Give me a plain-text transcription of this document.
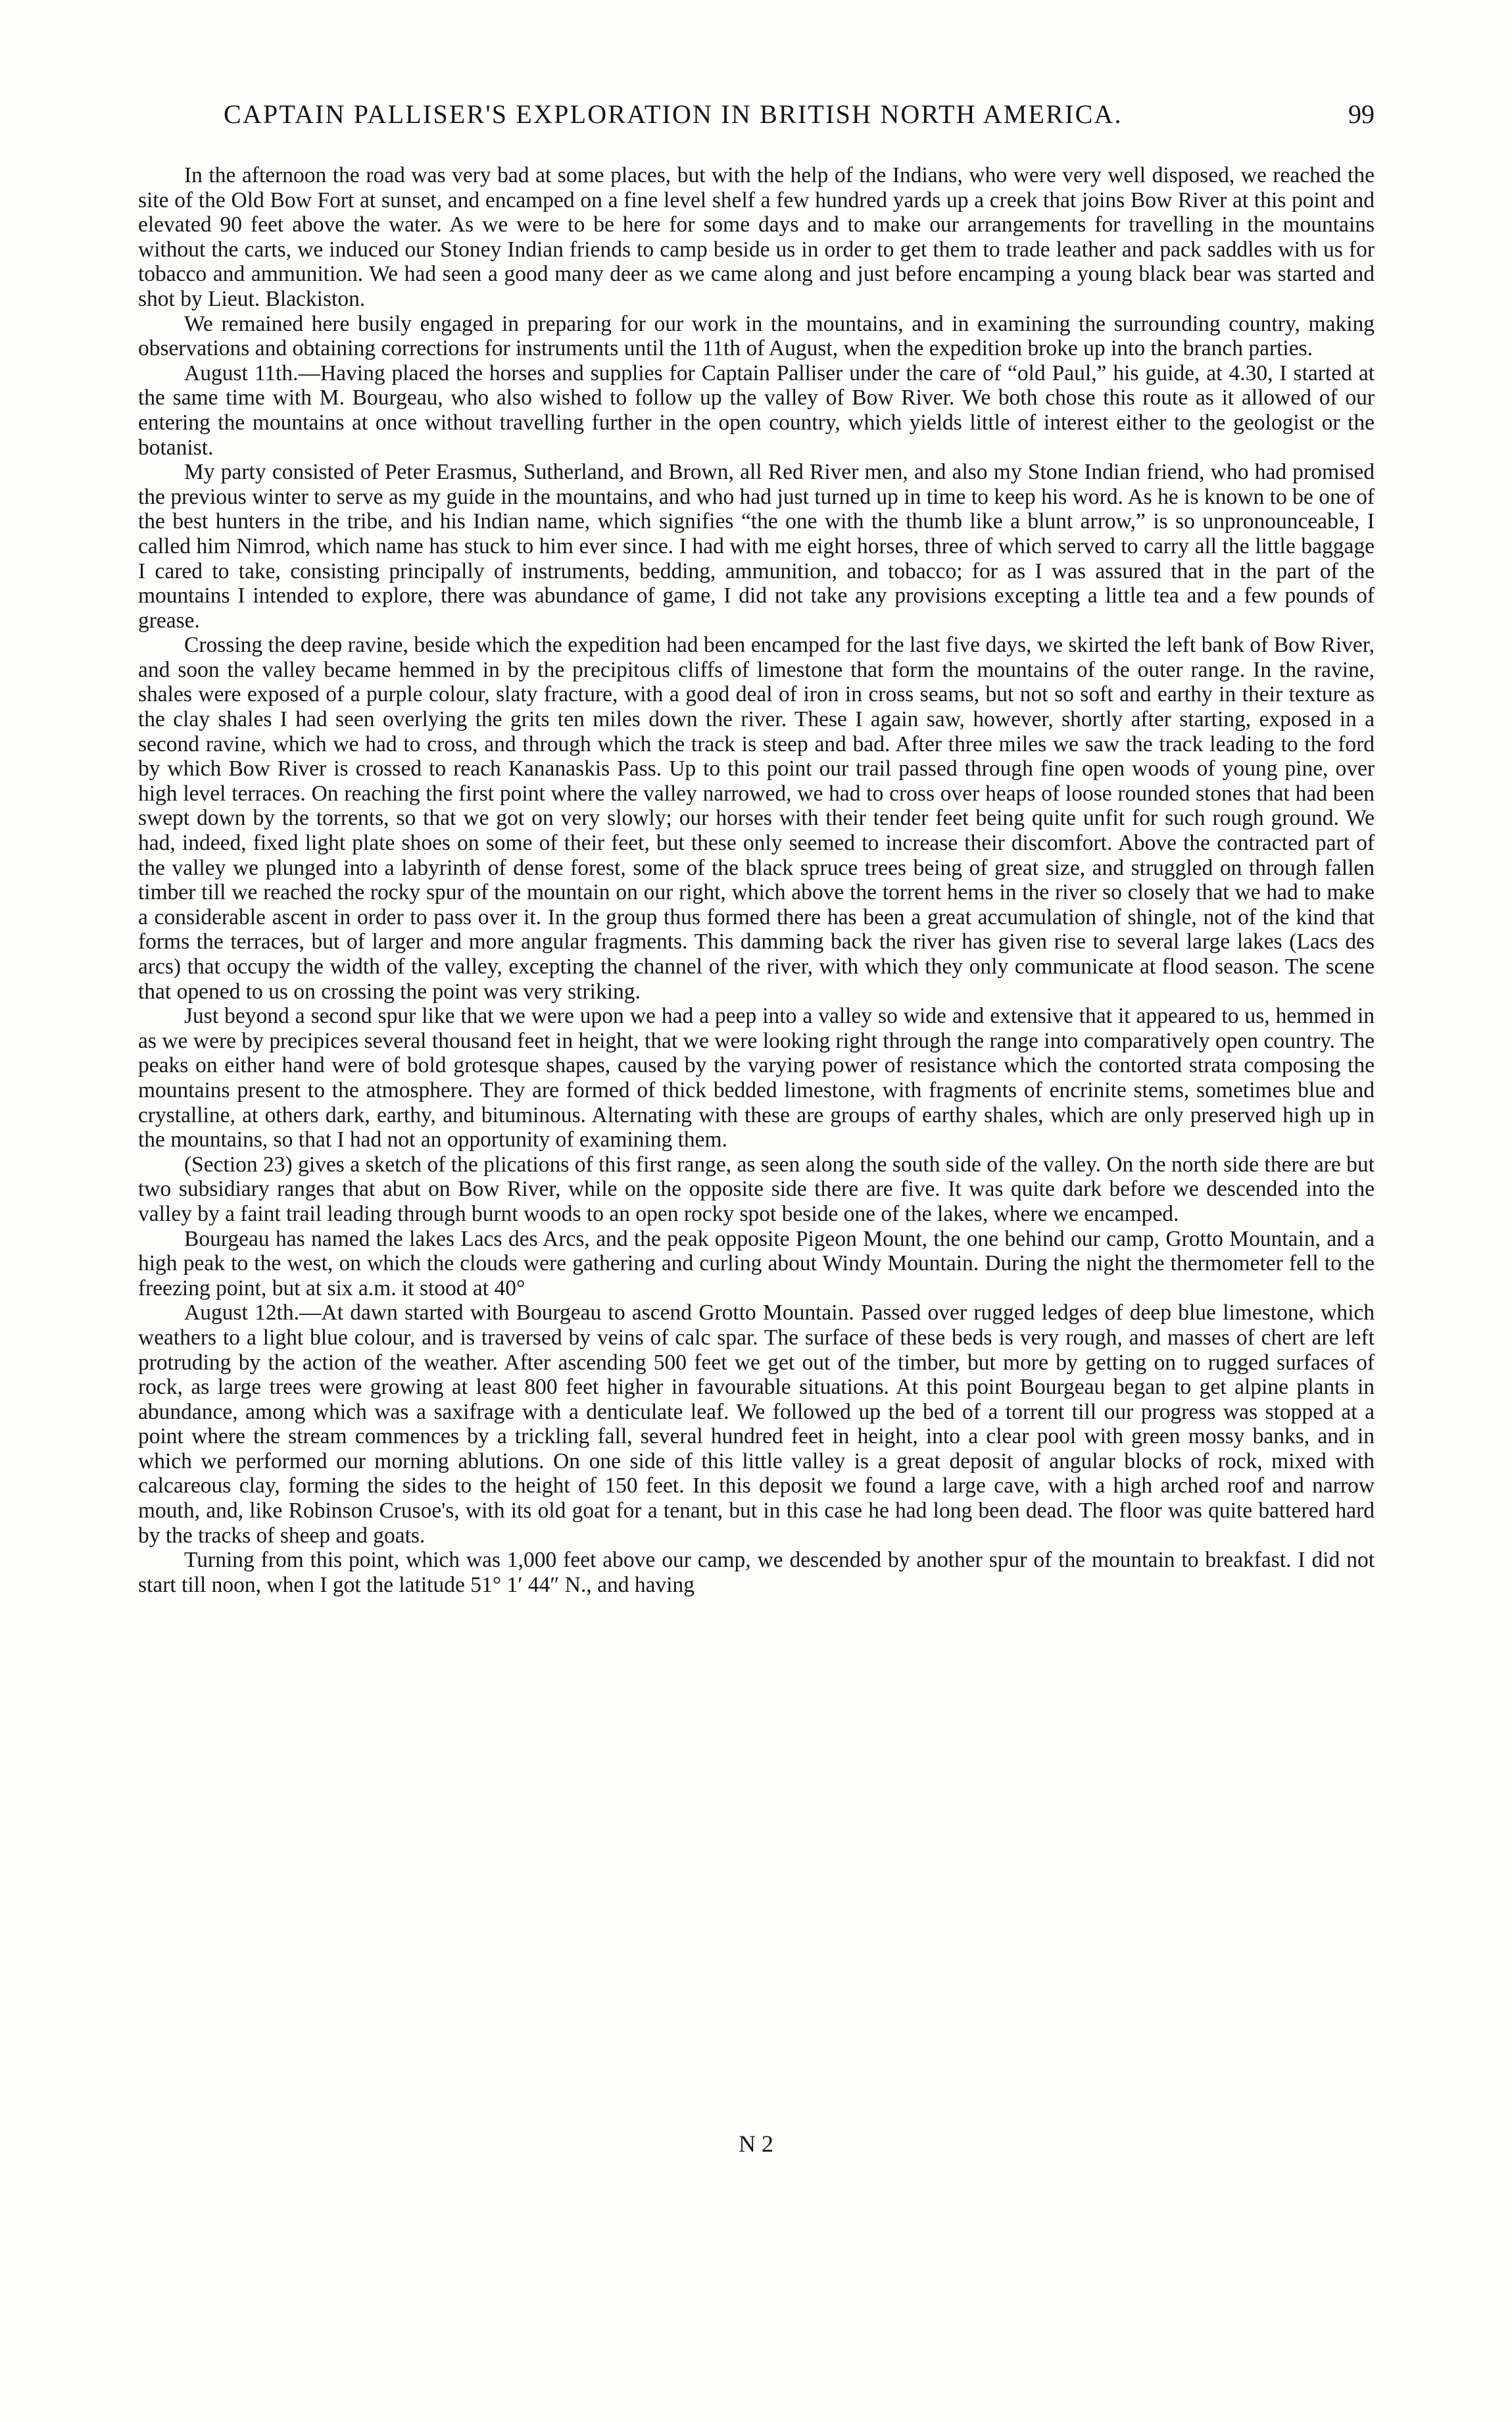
CAPTAIN PALLISER'S EXPLORATION IN BRITISH NORTH AMERICA.	99

In the afternoon the road was very bad at some places, but with the help of the Indians, who were very well disposed, we reached the site of the Old Bow Fort at sunset, and encamped on a fine level shelf a few hundred yards up a creek that joins Bow River at this point and elevated 90 feet above the water. As we were to be here for some days and to make our arrangements for travelling in the mountains without the carts, we induced our Stoney Indian friends to camp beside us in order to get them to trade leather and pack saddles with us for tobacco and ammunition. We had seen a good many deer as we came along and just before encamping a young black bear was started and shot by Lieut. Blackiston.

We remained here busily engaged in preparing for our work in the mountains, and in examining the surrounding country, making observations and obtaining corrections for instruments until the 11th of August, when the expedition broke up into the branch parties.

August 11th.—Having placed the horses and supplies for Captain Palliser under the care of “old Paul,” his guide, at 4.30, I started at the same time with M. Bourgeau, who also wished to follow up the valley of Bow River. We both chose this route as it allowed of our entering the mountains at once without travelling further in the open country, which yields little of interest either to the geologist or the botanist.

My party consisted of Peter Erasmus, Sutherland, and Brown, all Red River men, and also my Stone Indian friend, who had promised the previous winter to serve as my guide in the mountains, and who had just turned up in time to keep his word. As he is known to be one of the best hunters in the tribe, and his Indian name, which signifies “the one with the thumb like a blunt arrow,” is so unpronounceable, I called him Nimrod, which name has stuck to him ever since. I had with me eight horses, three of which served to carry all the little baggage I cared to take, consisting principally of instruments, bedding, ammunition, and tobacco; for as I was assured that in the part of the mountains I intended to explore, there was abundance of game, I did not take any provisions excepting a little tea and a few pounds of grease.

Crossing the deep ravine, beside which the expedition had been encamped for the last five days, we skirted the left bank of Bow River, and soon the valley became hemmed in by the precipitous cliffs of limestone that form the mountains of the outer range. In the ravine, shales were exposed of a purple colour, slaty fracture, with a good deal of iron in cross seams, but not so soft and earthy in their texture as the clay shales I had seen overlying the grits ten miles down the river. These I again saw, however, shortly after starting, exposed in a second ravine, which we had to cross, and through which the track is steep and bad. After three miles we saw the track leading to the ford by which Bow River is crossed to reach Kananaskis Pass. Up to this point our trail passed through fine open woods of young pine, over high level terraces. On reaching the first point where the valley narrowed, we had to cross over heaps of loose rounded stones that had been swept down by the torrents, so that we got on very slowly; our horses with their tender feet being quite unfit for such rough ground. We had, indeed, fixed light plate shoes on some of their feet, but these only seemed to increase their discomfort. Above the contracted part of the valley we plunged into a labyrinth of dense forest, some of the black spruce trees being of great size, and struggled on through fallen timber till we reached the rocky spur of the mountain on our right, which above the torrent hems in the river so closely that we had to make a considerable ascent in order to pass over it. In the group thus formed there has been a great accumulation of shingle, not of the kind that forms the terraces, but of larger and more angular fragments. This damming back the river has given rise to several large lakes (Lacs des arcs) that occupy the width of the valley, excepting the channel of the river, with which they only communicate at flood season. The scene that opened to us on crossing the point was very striking.

Just beyond a second spur like that we were upon we had a peep into a valley so wide and extensive that it appeared to us, hemmed in as we were by precipices several thousand feet in height, that we were looking right through the range into comparatively open country. The peaks on either hand were of bold grotesque shapes, caused by the varying power of resistance which the contorted strata composing the mountains present to the atmosphere. They are formed of thick bedded limestone, with fragments of encrinite stems, sometimes blue and crystalline, at others dark, earthy, and bituminous. Alternating with these are groups of earthy shales, which are only preserved high up in the mountains, so that I had not an opportunity of examining them.

(Section 23) gives a sketch of the plications of this first range, as seen along the south side of the valley. On the north side there are but two subsidiary ranges that abut on Bow River, while on the opposite side there are five. It was quite dark before we descended into the valley by a faint trail leading through burnt woods to an open rocky spot beside one of the lakes, where we encamped.

Bourgeau has named the lakes Lacs des Arcs, and the peak opposite Pigeon Mount, the one behind our camp, Grotto Mountain, and a high peak to the west, on which the clouds were gathering and curling about Windy Mountain. During the night the thermometer fell to the freezing point, but at six a.m. it stood at 40°

August 12th.—At dawn started with Bourgeau to ascend Grotto Mountain. Passed over rugged ledges of deep blue limestone, which weathers to a light blue colour, and is traversed by veins of calc spar. The surface of these beds is very rough, and masses of chert are left protruding by the action of the weather. After ascending 500 feet we get out of the timber, but more by getting on to rugged surfaces of rock, as large trees were growing at least 800 feet higher in favourable situations. At this point Bourgeau began to get alpine plants in abundance, among which was a saxifrage with a denticulate leaf. We followed up the bed of a torrent till our progress was stopped at a point where the stream commences by a trickling fall, several hundred feet in height, into a clear pool with green mossy banks, and in which we performed our morning ablutions. On one side of this little valley is a great deposit of angular blocks of rock, mixed with calcareous clay, forming the sides to the height of 150 feet. In this deposit we found a large cave, with a high arched roof and narrow mouth, and, like Robinson Crusoe's, with its old goat for a tenant, but in this case he had long been dead. The floor was quite battered hard by the tracks of sheep and goats.

Turning from this point, which was 1,000 feet above our camp, we descended by another spur of the mountain to breakfast. I did not start till noon, when I got the latitude 51° 1′ 44″ N., and having

N 2
